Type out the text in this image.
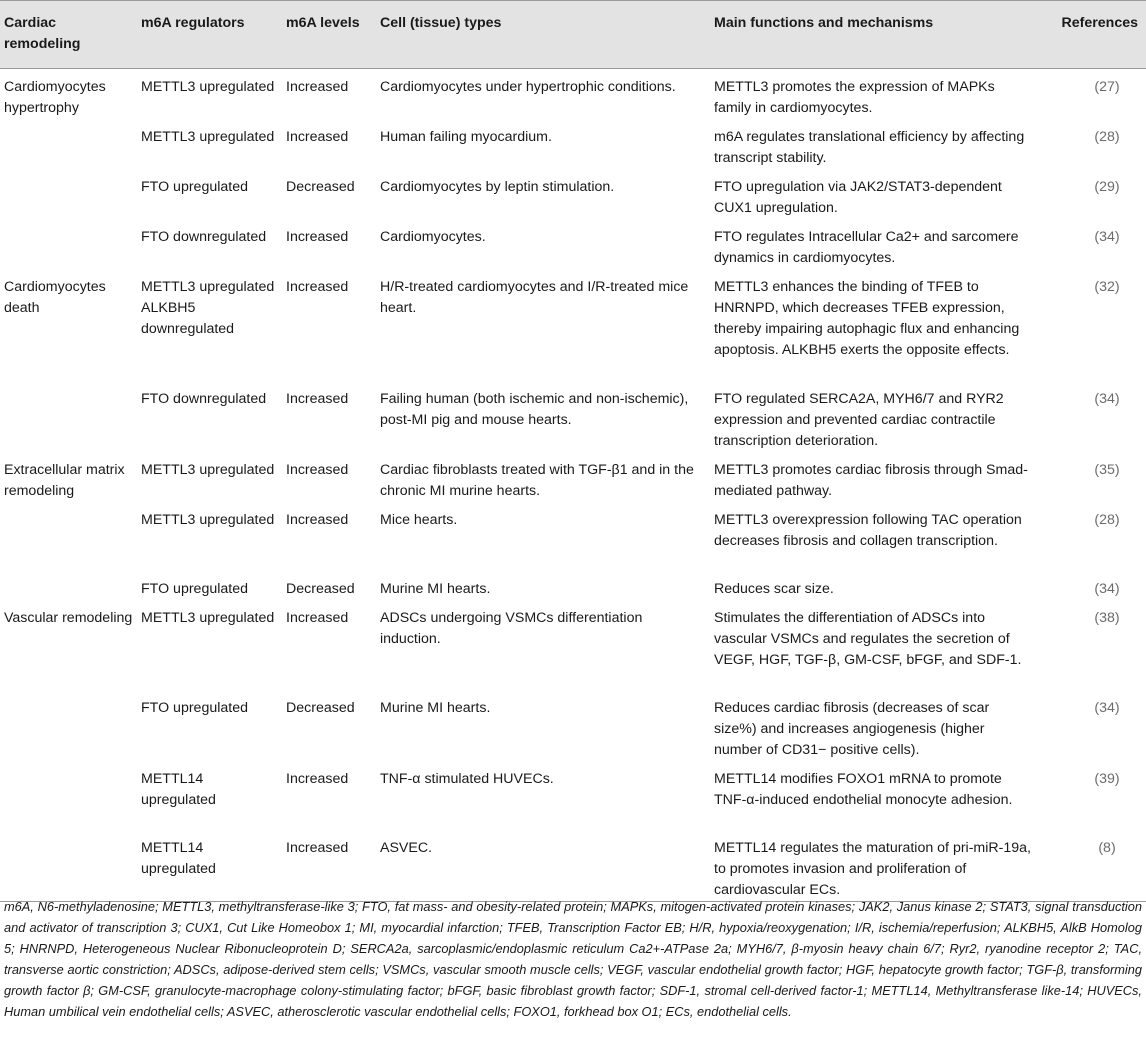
Cardiac remodeling	m6A regulators	m6A levels	Cell (tissue) types	Main functions and mechanisms	References
Cardiomyocytes hypertrophy	METTL3 upregulated	Increased	Cardiomyocytes under hypertrophic conditions.	METTL3 promotes the expression of MAPKs family in cardiomyocytes.	(27)
	METTL3 upregulated	Increased	Human failing myocardium.	m6A regulates translational efficiency by affecting transcript stability.	(28)
	FTO upregulated	Decreased	Cardiomyocytes by leptin stimulation.	FTO upregulation via JAK2/STAT3-dependent CUX1 upregulation.	(29)
	FTO downregulated	Increased	Cardiomyocytes.	FTO regulates Intracellular Ca2+ and sarcomere dynamics in cardiomyocytes.	(34)
Cardiomyocytes death	METTL3 upregulated ALKBH5 downregulated	Increased	H/R-treated cardiomyocytes and I/R-treated mice heart.	METTL3 enhances the binding of TFEB to HNRNPD, which decreases TFEB expression, thereby impairing autophagic flux and enhancing apoptosis. ALKBH5 exerts the opposite effects.	(32)
	FTO downregulated	Increased	Failing human (both ischemic and non-ischemic), post-MI pig and mouse hearts.	FTO regulated SERCA2A, MYH6/7 and RYR2 expression and prevented cardiac contractile transcription deterioration.	(34)
Extracellular matrix remodeling	METTL3 upregulated	Increased	Cardiac fibroblasts treated with TGF-β1 and in the chronic MI murine hearts.	METTL3 promotes cardiac fibrosis through Smad-mediated pathway.	(35)
	METTL3 upregulated	Increased	Mice hearts.	METTL3 overexpression following TAC operation decreases fibrosis and collagen transcription.	(28)
	FTO upregulated	Decreased	Murine MI hearts.	Reduces scar size.	(34)
Vascular remodeling	METTL3 upregulated	Increased	ADSCs undergoing VSMCs differentiation induction.	Stimulates the differentiation of ADSCs into vascular VSMCs and regulates the secretion of VEGF, HGF, TGF-β, GM-CSF, bFGF, and SDF-1.	(38)
	FTO upregulated	Decreased	Murine MI hearts.	Reduces cardiac fibrosis (decreases of scar size%) and increases angiogenesis (higher number of CD31− positive cells).	(34)
	METTL14 upregulated	Increased	TNF-α stimulated HUVECs.	METTL14 modifies FOXO1 mRNA to promote TNF-α-induced endothelial monocyte adhesion.	(39)
	METTL14 upregulated	Increased	ASVEC.	METTL14 regulates the maturation of pri-miR-19a, to promotes invasion and proliferation of cardiovascular ECs.	(8)
m6A, N6-methyladenosine; METTL3, methyltransferase-like 3; FTO, fat mass- and obesity-related protein; MAPKs, mitogen-activated protein kinases; JAK2, Janus kinase 2; STAT3, signal transduction and activator of transcription 3; CUX1, Cut Like Homeobox 1; MI, myocardial infarction; TFEB, Transcription Factor EB; H/R, hypoxia/reoxygenation; I/R, ischemia/reperfusion; ALKBH5, AlkB Homolog 5; HNRNPD, Heterogeneous Nuclear Ribonucleoprotein D; SERCA2a, sarcoplasmic/endoplasmic reticulum Ca2+-ATPase 2a; MYH6/7, β-myosin heavy chain 6/7; Ryr2, ryanodine receptor 2; TAC, transverse aortic constriction; ADSCs, adipose-derived stem cells; VSMCs, vascular smooth muscle cells; VEGF, vascular endothelial growth factor; HGF, hepatocyte growth factor; TGF-β, transforming growth factor β; GM-CSF, granulocyte-macrophage colony-stimulating factor; bFGF, basic fibroblast growth factor; SDF-1, stromal cell-derived factor-1; METTL14, Methyltransferase like-14; HUVECs, Human umbilical vein endothelial cells; ASVEC, atherosclerotic vascular endothelial cells; FOXO1, forkhead box O1; ECs, endothelial cells.
